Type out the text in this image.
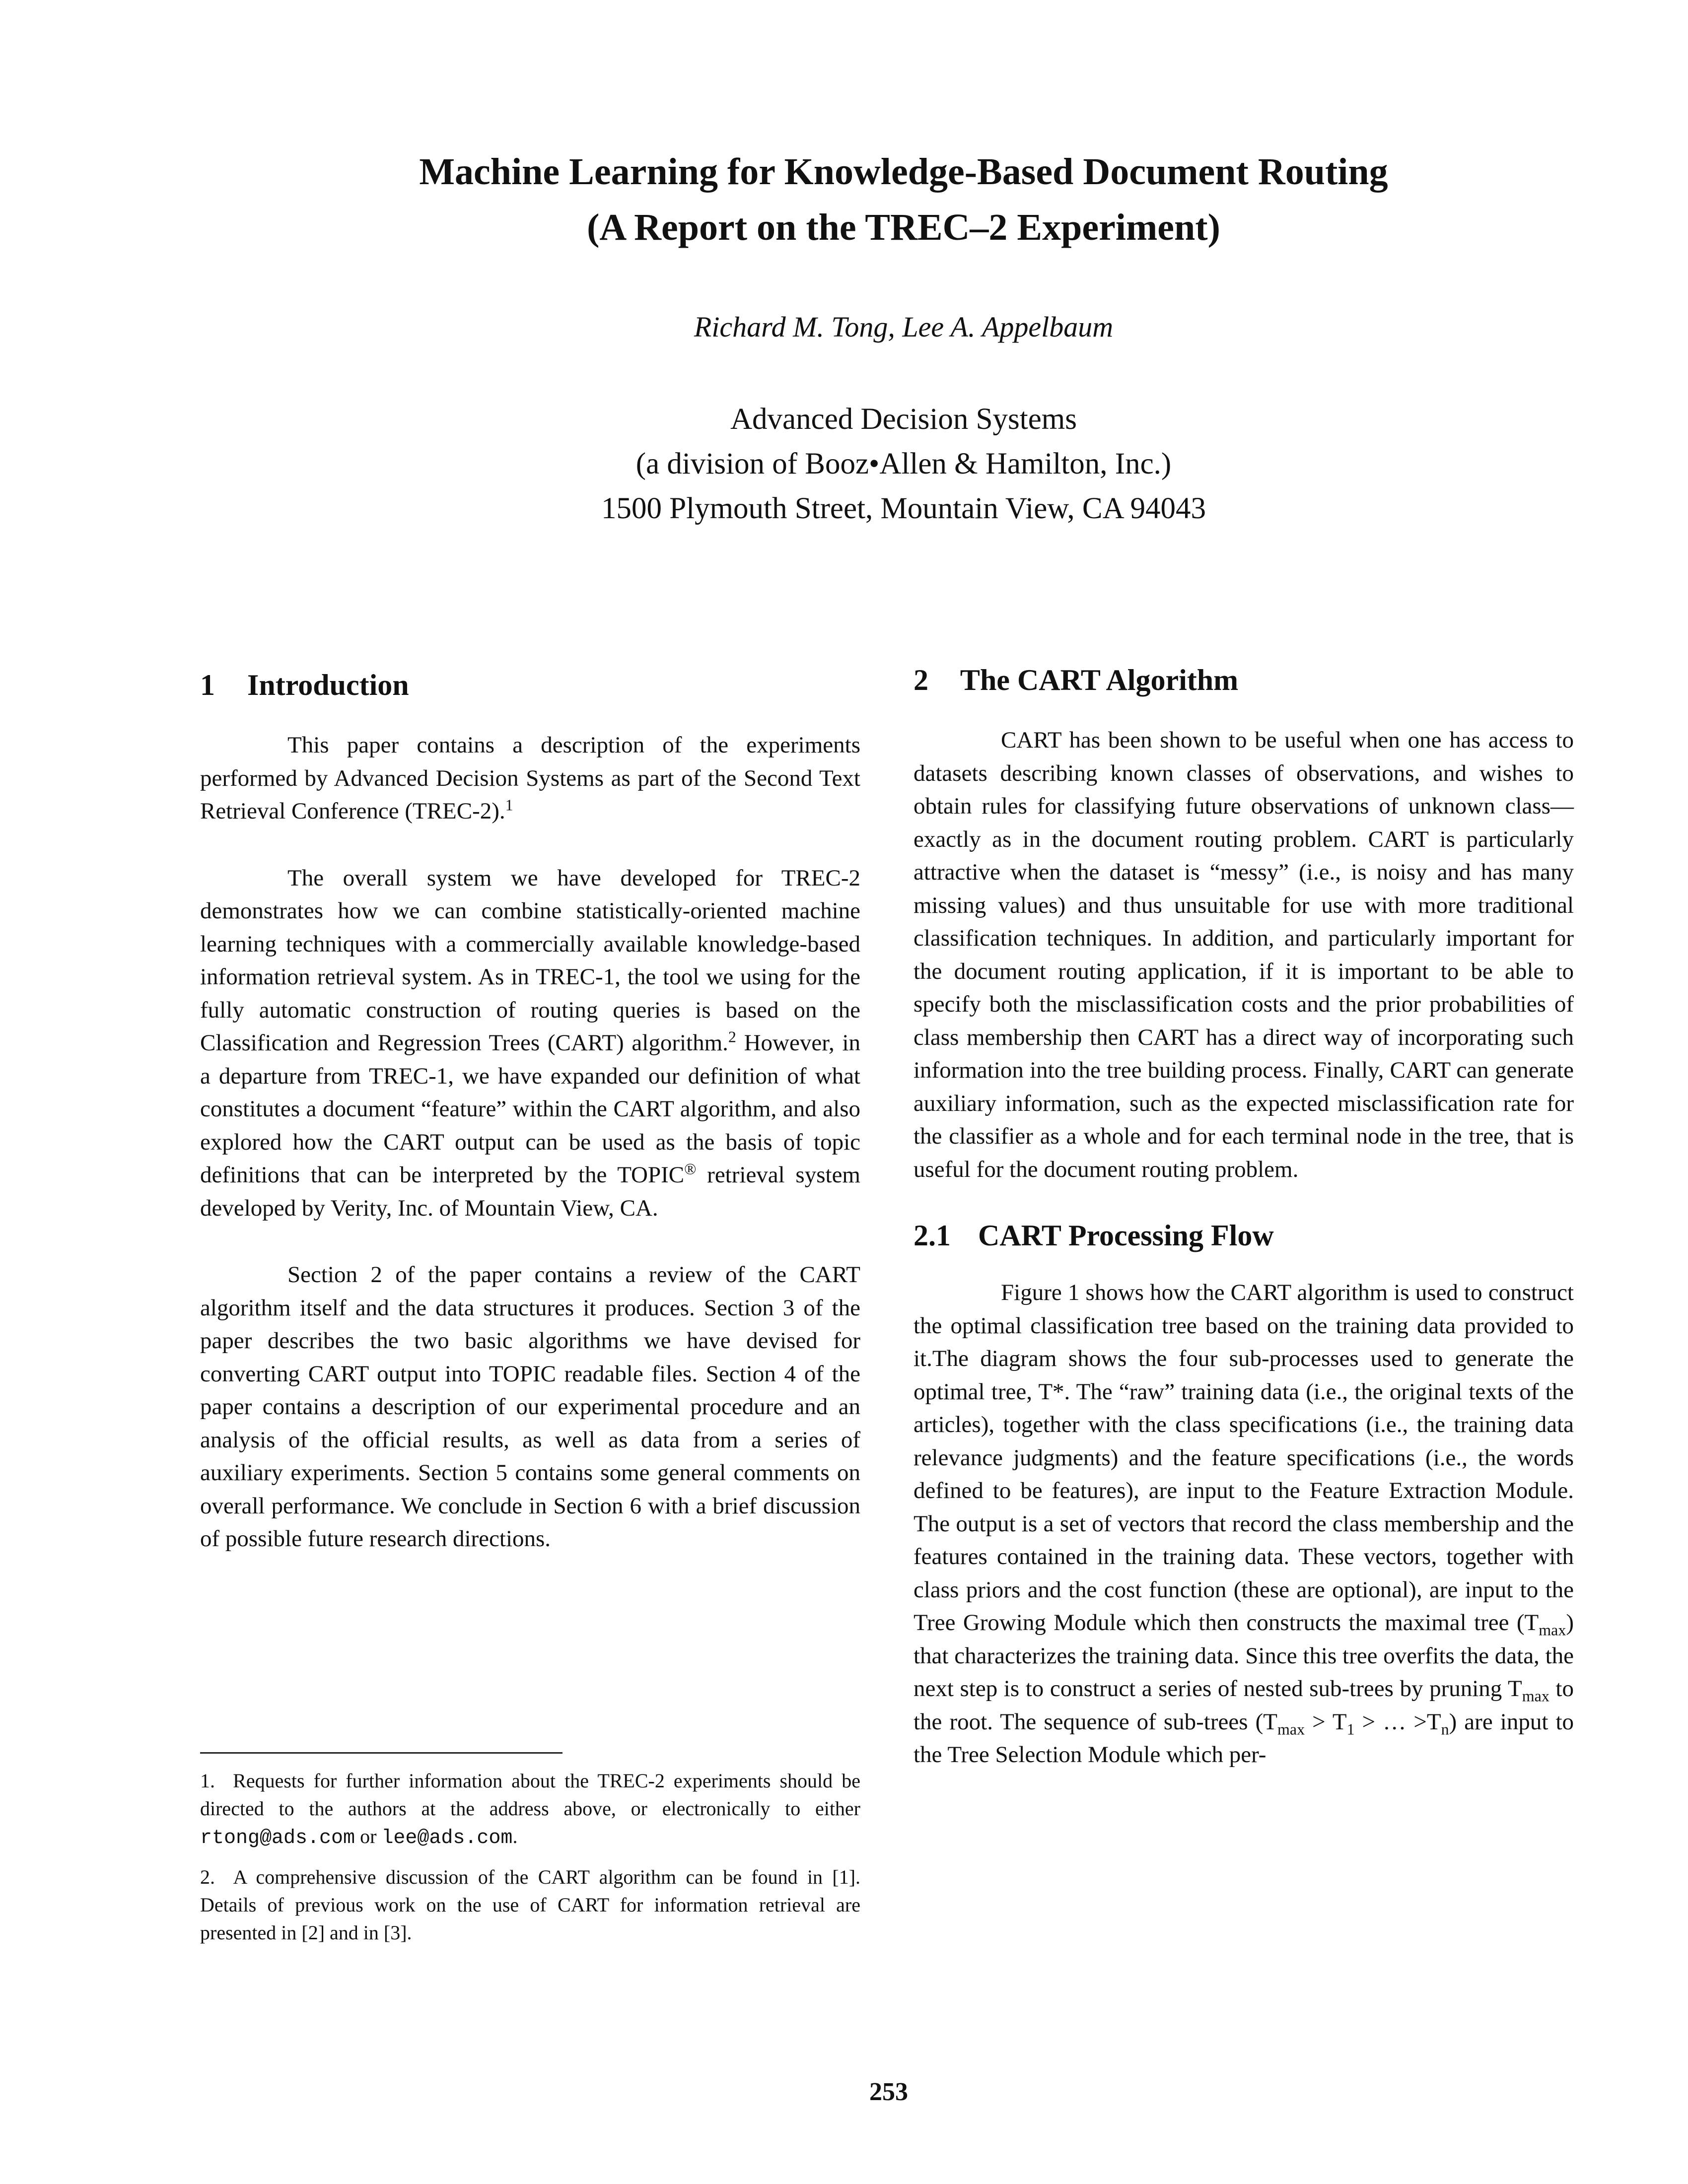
Machine Learning for Knowledge-Based Document Routing
(A Report on the TREC–2 Experiment)
Richard M. Tong, Lee A. Appelbaum
Advanced Decision Systems
(a division of Booz•Allen & Hamilton, Inc.)
1500 Plymouth Street, Mountain View, CA 94043
1 Introduction

This paper contains a description of the experiments performed by Advanced Decision Systems as part of the Second Text Retrieval Conference (TREC-2).$^1$

The overall system we have developed for TREC-2 demonstrates how we can combine statistically-oriented machine learning techniques with a commercially available knowledge-based information retrieval system. As in TREC-1, the tool we using for the fully automatic construction of routing queries is based on the Classification and Regression Trees (CART) algorithm.$^2$ However, in a departure from TREC-1, we have expanded our definition of what constitutes a document “feature” within the CART algorithm, and also explored how the CART output can be used as the basis of topic definitions that can be interpreted by the TOPIC® retrieval system developed by Verity, Inc. of Mountain View, CA.

Section 2 of the paper contains a review of the CART algorithm itself and the data structures it produces. Section 3 of the paper describes the two basic algorithms we have devised for converting CART output into TOPIC readable files. Section 4 of the paper contains a description of our experimental procedure and an analysis of the official results, as well as data from a series of auxiliary experiments. Section 5 contains some general comments on overall performance. We conclude in Section 6 with a brief discussion of possible future research directions.

2 The CART Algorithm

CART has been shown to be useful when one has access to datasets describing known classes of observations, and wishes to obtain rules for classifying future observations of unknown class—exactly as in the document routing problem. CART is particularly attractive when the dataset is “messy” (i.e., is noisy and has many missing values) and thus unsuitable for use with more traditional classification techniques. In addition, and particularly important for the document routing application, if it is important to be able to specify both the misclassification costs and the prior probabilities of class membership then CART has a direct way of incorporating such information into the tree building process. Finally, CART can generate auxiliary information, such as the expected misclassification rate for the classifier as a whole and for each terminal node in the tree, that is useful for the document routing problem.

2.1 CART Processing Flow

Figure 1 shows how the CART algorithm is used to construct the optimal classification tree based on the training data provided to it.The diagram shows the four sub-processes used to generate the optimal tree, T*. The “raw” training data (i.e., the original texts of the articles), together with the class specifications (i.e., the training data relevance judgments) and the feature specifications (i.e., the words defined to be features), are input to the Feature Extraction Module. The output is a set of vectors that record the class membership and the features contained in the training data. These vectors, together with class priors and the cost function (these are optional), are input to the Tree Growing Module which then constructs the maximal tree $(T_{max})$ that characterizes the training data. Since this tree overfits the data, the next step is to construct a series of nested sub-trees by pruning $T_{max}$ to the root. The sequence of sub-trees ($T_{max} > T_1$ > … $>T_n$) are input to the Tree Selection Module which per-

1. Requests for further information about the TREC-2 experiments should be directed to the authors at the address above, or electronically to either rtong@ads.com or lee@ads.com.

2. A comprehensive discussion of the CART algorithm can be found in [1]. Details of previous work on the use of CART for information retrieval are presented in [2] and in [3].

253
